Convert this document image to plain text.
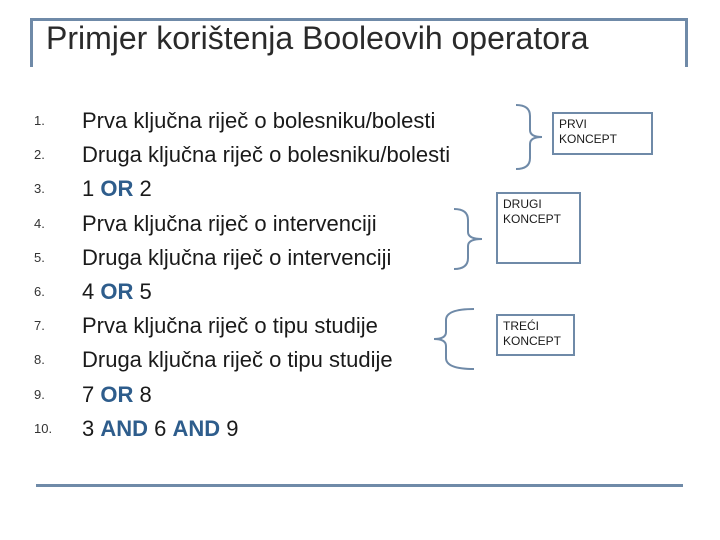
Primjer korištenja Booleovih operatora
1.	Prva ključna riječ o bolesniku/bolesti
2.	Druga ključna riječ o bolesniku/bolesti
3.	1 OR 2
4.	Prva ključna riječ o intervenciji
5.	Druga ključna riječ o intervenciji
6.	4 OR 5
7.	Prva ključna riječ o tipu studije
8.	Druga ključna riječ o tipu studije
9.	7 OR 8
10.	3 AND 6 AND 9
PRVI
KONCEPT
DRUGI
KONCEPT
TREĆI
KONCEPT
